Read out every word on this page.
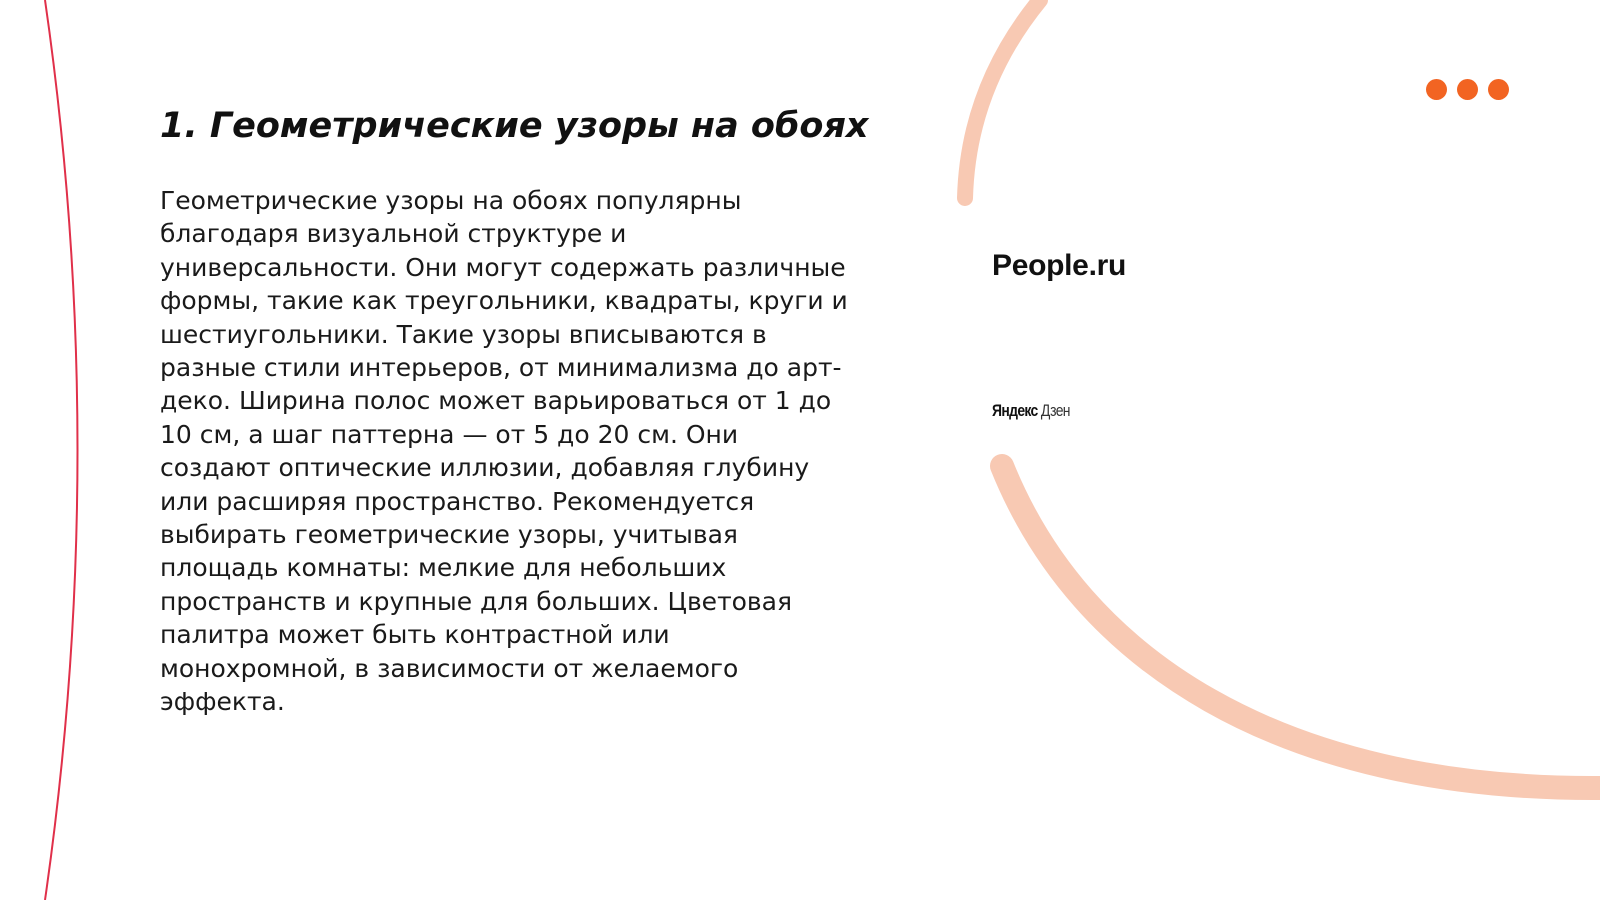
1. Геометрические узоры на обоях

Геометрические узоры на обоях популярны благодаря визуальной структуре и универсальности. Они могут содержать различные формы, такие как треугольники, квадраты, круги и шестиугольники. Такие узоры вписываются в разные стили интерьеров, от минимализма до арт-деко. Ширина полос может варьироваться от 1 до 10 см, а шаг паттерна — от 5 до 20 см. Они создают оптические иллюзии, добавляя глубину или расширяя пространство. Рекомендуется выбирать геометрические узоры, учитывая площадь комнаты: мелкие для небольших пространств и крупные для больших. Цветовая палитра может быть контрастной или монохромной, в зависимости от желаемого эффекта.

People.ru
Яндекс Дзен
